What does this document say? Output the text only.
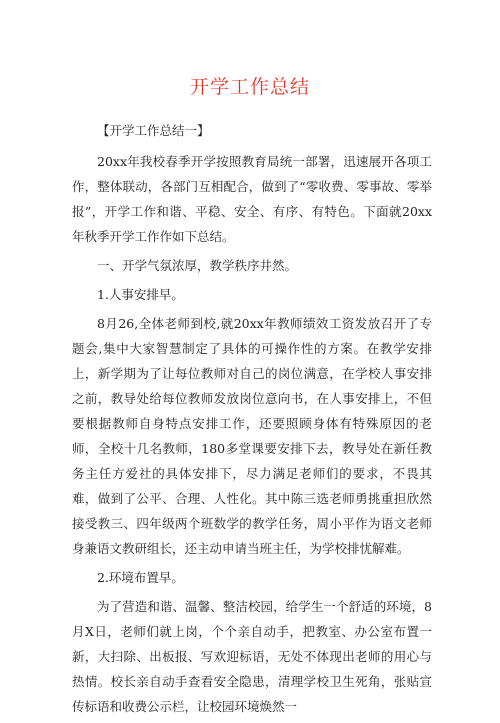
开学工作总结

【开学工作总结一】

20xx年我校春季开学按照教育局统一部署，迅速展开各项工作，整体联动，各部门互相配合，做到了“零收费、零事故、零举报”，开学工作和谐、平稳、安全、有序、有特色。下面就20xx年秋季开学工作作如下总结。

一、开学气氛浓厚，教学秩序井然。

1.人事安排早。

8月26,全体老师到校,就20xx年教师绩效工资发放召开了专题会,集中大家智慧制定了具体的可操作性的方案。在教学安排上，新学期为了让每位教师对自己的岗位满意，在学校人事安排之前，教导处给每位教师发放岗位意向书，在人事安排上，不但要根据教师自身特点安排工作，还要照顾身体有特殊原因的老师，全校十几名教师，180多堂课要安排下去，教导处在新任教务主任方爱社的具体安排下，尽力满足老师们的要求，不畏其难，做到了公平、合理、人性化。其中陈三选老师勇挑重担欣然接受教三、四年级两个班数学的教学任务，周小平作为语文老师身兼语文教研组长，还主动申请当班主任，为学校排忧解难。

2.环境布置早。

为了营造和谐、温馨、整洁校园，给学生一个舒适的环境，8月X日，老师们就上岗，个个亲自动手，把教室、办公室布置一新，大扫除、出板报、写欢迎标语，无处不体现出老师的用心与热情。校长亲自动手查看安全隐患，清理学校卫生死角，张贴宣传标语和收费公示栏，让校园环境焕然一
